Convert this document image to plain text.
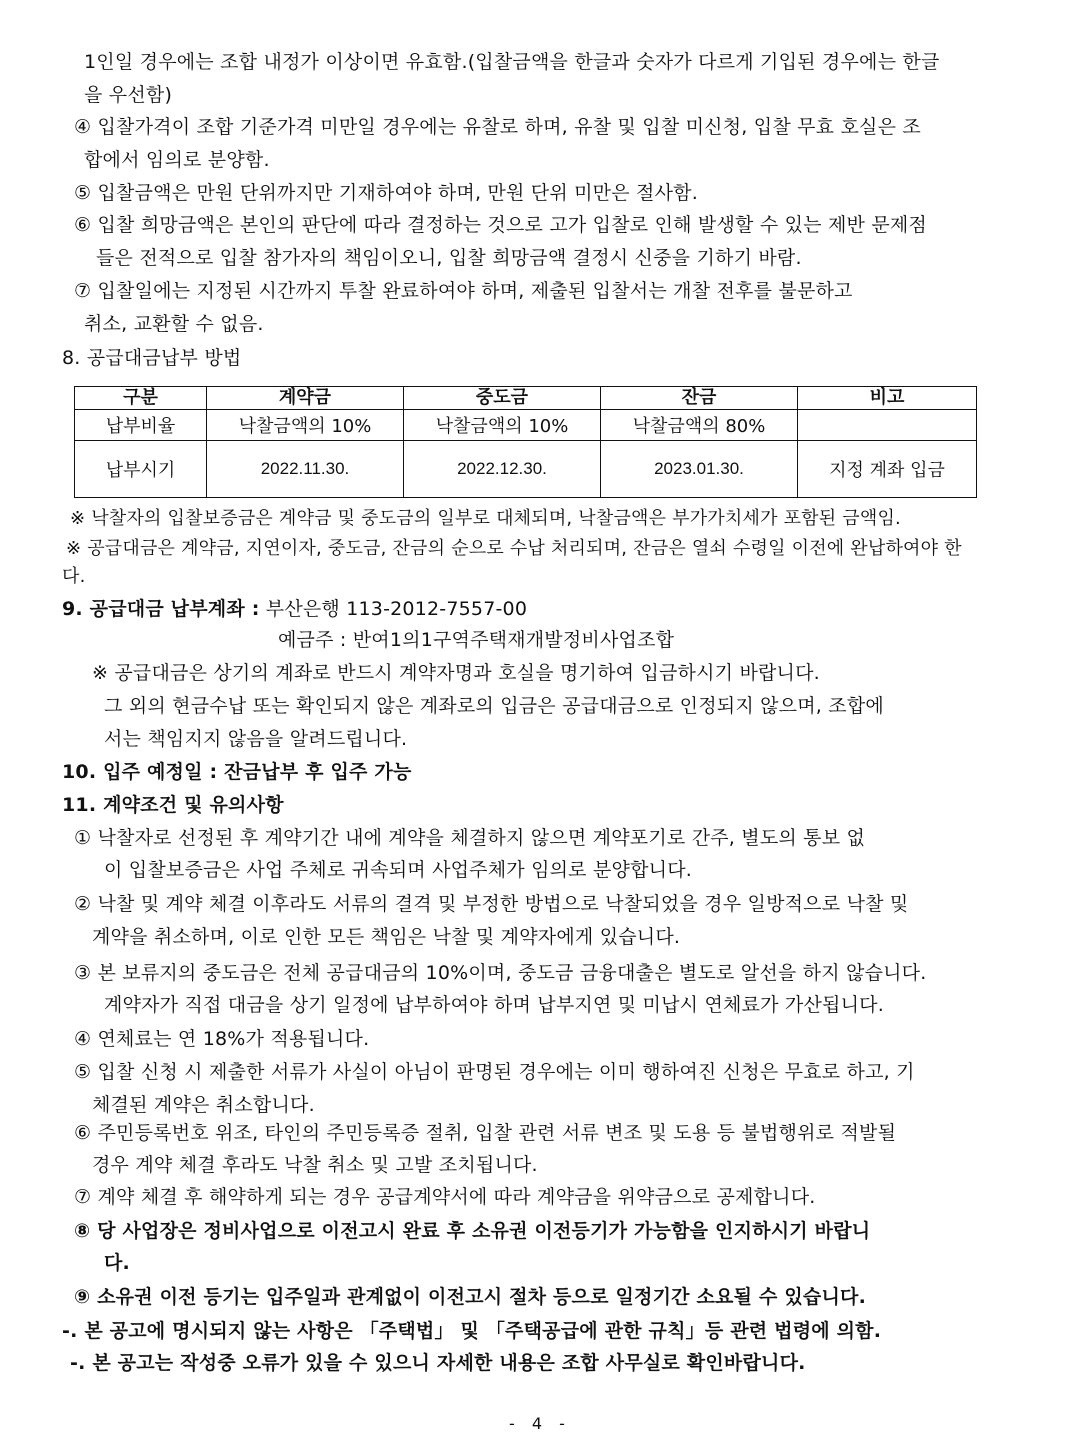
1인일 경우에는 조합 내정가 이상이면 유효함.(입찰금액을 한글과 숫자가 다르게 기입된 경우에는 한글
을 우선함)
④ 입찰가격이 조합 기준가격 미만일 경우에는 유찰로 하며, 유찰 및 입찰 미신청, 입찰 무효 호실은 조
합에서 임의로 분양함.
⑤ 입찰금액은 만원 단위까지만 기재하여야 하며, 만원 단위 미만은 절사함.
⑥ 입찰 희망금액은 본인의 판단에 따라 결정하는 것으로 고가 입찰로 인해 발생할 수 있는 제반 문제점
들은 전적으로 입찰 참가자의 책임이오니, 입찰 희망금액 결정시 신중을 기하기 바람.
⑦ 입찰일에는 지정된 시간까지 투찰 완료하여야 하며, 제출된 입찰서는 개찰 전후를 불문하고
취소, 교환할 수 없음.
8. 공급대금납부 방법
구분	계약금	중도금	잔금	비고
납부비율	낙찰금액의 10%	낙찰금액의 10%	낙찰금액의 80%	
납부시기	2022.11.30.	2022.12.30.	2023.01.30.	지정 계좌 입금
※ 낙찰자의 입찰보증금은 계약금 및 중도금의 일부로 대체되며, 낙찰금액은 부가가치세가 포함된 금액임.
※ 공급대금은 계약금, 지연이자, 중도금, 잔금의 순으로 수납 처리되며, 잔금은 열쇠 수령일 이전에 완납하여야 한
다.
9. 공급대금 납부계좌 : 부산은행 113-2012-7557-00
예금주 : 반여1의1구역주택재개발정비사업조합
※ 공급대금은 상기의 계좌로 반드시 계약자명과 호실을 명기하여 입금하시기 바랍니다.
그 외의 현금수납 또는 확인되지 않은 계좌로의 입금은 공급대금으로 인정되지 않으며, 조합에
서는 책임지지 않음을 알려드립니다.
10. 입주 예정일 : 잔금납부 후 입주 가능
11. 계약조건 및 유의사항
① 낙찰자로 선정된 후 계약기간 내에 계약을 체결하지 않으면 계약포기로 간주, 별도의 통보 없
이 입찰보증금은 사업 주체로 귀속되며 사업주체가 임의로 분양합니다.
② 낙찰 및 계약 체결 이후라도 서류의 결격 및 부정한 방법으로 낙찰되었을 경우 일방적으로 낙찰 및
계약을 취소하며, 이로 인한 모든 책임은 낙찰 및 계약자에게 있습니다.
③ 본 보류지의 중도금은 전체 공급대금의 10%이며, 중도금 금융대출은 별도로 알선을 하지 않습니다.
계약자가 직접 대금을 상기 일정에 납부하여야 하며 납부지연 및 미납시 연체료가 가산됩니다.
④ 연체료는 연 18%가 적용됩니다.
⑤ 입찰 신청 시 제출한 서류가 사실이 아님이 판명된 경우에는 이미 행하여진 신청은 무효로 하고, 기
체결된 계약은 취소합니다.
⑥ 주민등록번호 위조, 타인의 주민등록증 절취, 입찰 관련 서류 변조 및 도용 등 불법행위로 적발될
경우 계약 체결 후라도 낙찰 취소 및 고발 조치됩니다.
⑦ 계약 체결 후 해약하게 되는 경우 공급계약서에 따라 계약금을 위약금으로 공제합니다.
⑧ 당 사업장은 정비사업으로 이전고시 완료 후 소유권 이전등기가 가능함을 인지하시기 바랍니
다.
⑨ 소유권 이전 등기는 입주일과 관계없이 이전고시 절차 등으로 일정기간 소요될 수 있습니다.
-. 본 공고에 명시되지 않는 사항은 「주택법」 및 「주택공급에 관한 규칙」등 관련 법령에 의함.
-. 본 공고는 작성중 오류가 있을 수 있으니 자세한 내용은 조합 사무실로 확인바랍니다.
- 4 -
